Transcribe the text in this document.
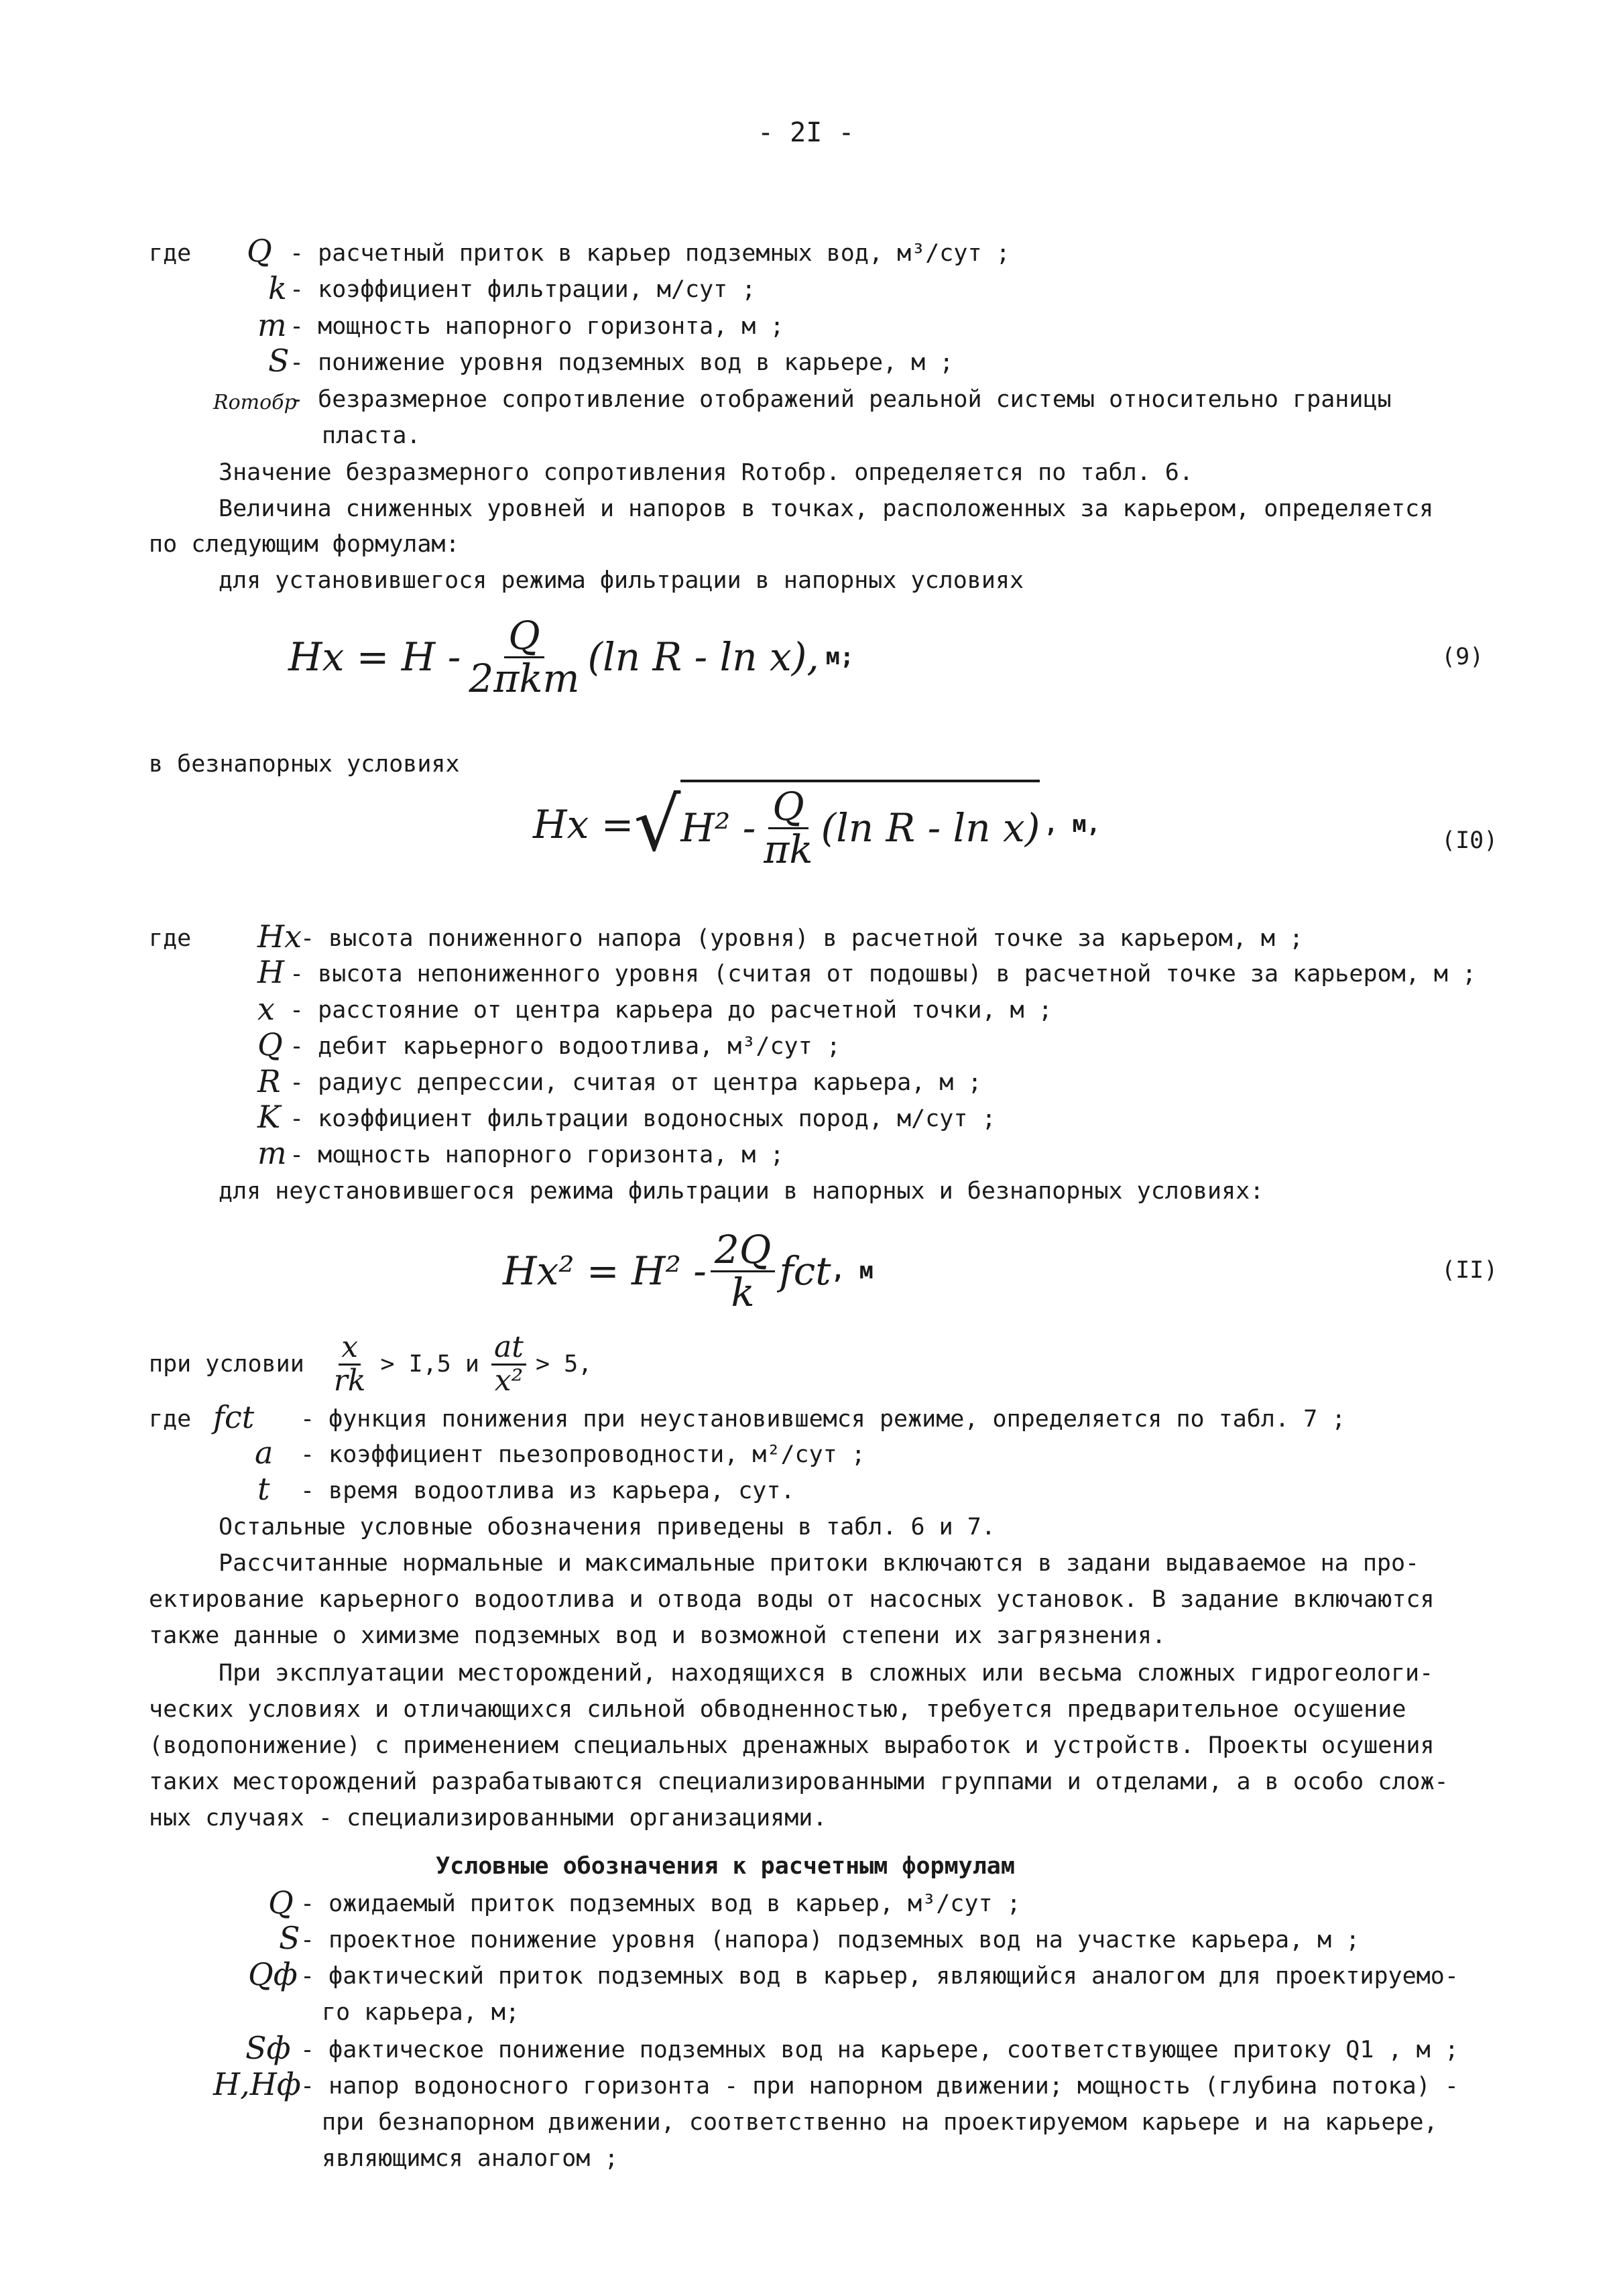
- 2I -
где Q - расчетный приток в карьер подземных вод, м³/сут ;
k - коэффициент фильтрации, м/сут ;
m - мощность напорного горизонта, м ;
S - понижение уровня подземных вод в карьере, м ;
Rотобр
- безразмерное сопротивление отображений реальной системы относительно границы
пласта.
Значение безразмерного сопротивления Rотобр. определяется по табл. 6.
Величина сниженных уровней и напоров в точках, расположенных за карьером, определяется
по следующим формулам:
для установившегося режима фильтрации в напорных условиях
$Hx = H - \frac{Q}{\text{2πkm}} (\ln$ R - ln x), м;	(9)
в безнапорных условиях
Hx = √ $H^2 - \frac{Q}{\pi k} (\ln$ R - ln x) , м,
(I0)
где Hx
- высота пониженного напора (уровня) в расчетной точке за карьером, м ;
H - высота непониженного уровня (считая от подошвы) в расчетной точке за карьером, м ;
x - расстояние от центра карьера до расчетной точки, м ;
Q - дебит карьерного водоотлива, м³/сут ;
R - радиус депрессии, считая от центра карьера, м ;
K - коэффициент фильтрации водоносных пород, м/сут ;
m - мощность напорного горизонта, м ;
для неустановившегося режима фильтрации в напорных и безнапорных условиях:
$Hx^2 = H^2 - \frac{2Q}{k}$ fct , м	(II)
при условии $\frac{x}{rk} > I,5$ и $\frac{at}{\text{x²}} > 5$,
где fct - функция понижения при неустановившемся режиме, определяется по табл. 7 ;
a - коэффициент пьезопроводности, м²/сут ;
t - время водоотлива из карьера, сут.
Остальные условные обозначения приведены в табл. 6 и 7.
Рассчитанные нормальные и максимальные притоки включаются в задани выдаваемое на про-
ектирование карьерного водоотлива и отвода воды от насосных установок. В задание включаются
также данные о химизме подземных вод и возможной степени их загрязнения.
При эксплуатации месторождений, находящихся в сложных или весьма сложных гидрогеологи-
ческих условиях и отличающихся сильной обводненностью, требуется предварительное осушение
(водопонижение) с применением специальных дренажных выработок и устройств. Проекты осушения
таких месторождений разрабатываются специализированными группами и отделами, а в особо слож-
ных случаях - специализированными организациями.
Условные обозначения к расчетным формулам
Q - ожидаемый приток подземных вод в карьер, м³/сут ;
S - проектное понижение уровня (напора) подземных вод на участке карьера, м ;
Qф - фактический приток подземных вод в карьер, являющийся аналогом для проектируемо-
го карьера, м;
Sф - фактическое понижение подземных вод на карьере, соответствующее притоку Q1 , м ;
H,Hф - напор водоносного горизонта - при напорном движении; мощность (глубина потока) -
при безнапорном движении, соответственно на проектируемом карьере и на карьере,
являющимся аналогом ;
